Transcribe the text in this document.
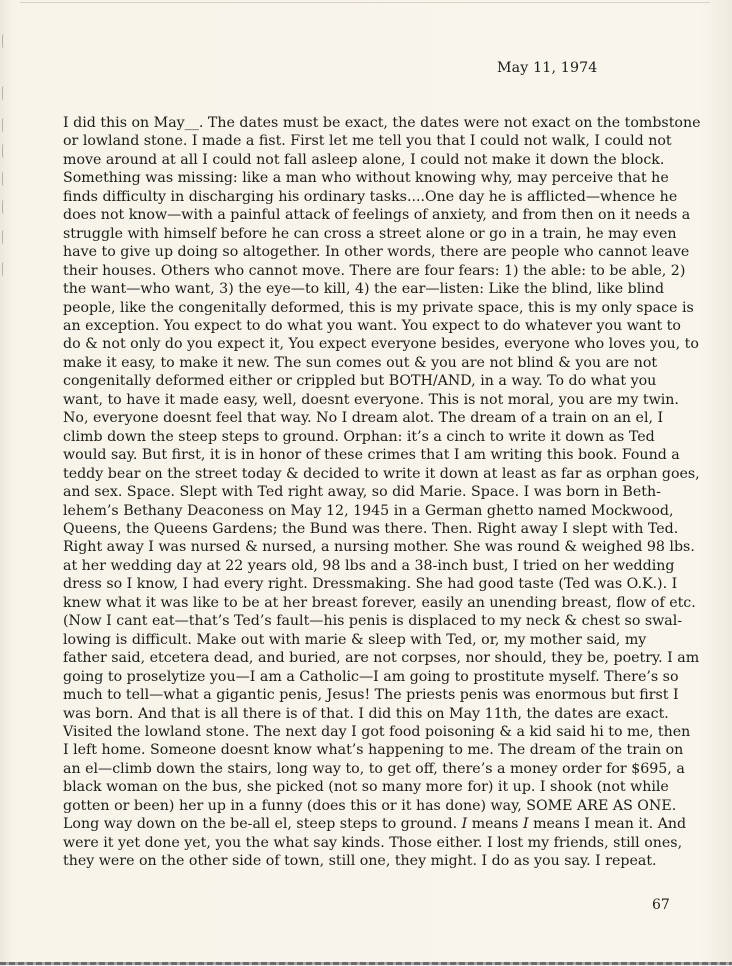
May 11, 1974
I did this on May__. The dates must be exact, the dates were not exact on the tombstone
or lowland stone. I made a fist. First let me tell you that I could not walk, I could not
move around at all I could not fall asleep alone, I could not make it down the block.
Something was missing: like a man who without knowing why, may perceive that he
finds difficulty in discharging his ordinary tasks....One day he is afflicted—whence he
does not know—with a painful attack of feelings of anxiety, and from then on it needs a
struggle with himself before he can cross a street alone or go in a train, he may even
have to give up doing so altogether. In other words, there are people who cannot leave
their houses. Others who cannot move. There are four fears: 1) the able: to be able, 2)
the want—who want, 3) the eye—to kill, 4) the ear—listen: Like the blind, like blind
people, like the congenitally deformed, this is my private space, this is my only space is
an exception. You expect to do what you want. You expect to do whatever you want to
do & not only do you expect it, You expect everyone besides, everyone who loves you, to
make it easy, to make it new. The sun comes out & you are not blind & you are not
congenitally deformed either or crippled but BOTH/AND, in a way. To do what you
want, to have it made easy, well, doesnt everyone. This is not moral, you are my twin.
No, everyone doesnt feel that way. No I dream alot. The dream of a train on an el, I
climb down the steep steps to ground. Orphan: it’s a cinch to write it down as Ted
would say. But first, it is in honor of these crimes that I am writing this book. Found a
teddy bear on the street today & decided to write it down at least as far as orphan goes,
and sex. Space. Slept with Ted right away, so did Marie. Space. I was born in Beth-
lehem’s Bethany Deaconess on May 12, 1945 in a German ghetto named Mockwood,
Queens, the Queens Gardens; the Bund was there. Then. Right away I slept with Ted.
Right away I was nursed & nursed, a nursing mother. She was round & weighed 98 lbs.
at her wedding day at 22 years old, 98 lbs and a 38-inch bust, I tried on her wedding
dress so I know, I had every right. Dressmaking. She had good taste (Ted was O.K.). I
knew what it was like to be at her breast forever, easily an unending breast, flow of etc.
(Now I cant eat—that’s Ted’s fault—his penis is displaced to my neck & chest so swal-
lowing is difficult. Make out with marie & sleep with Ted, or, my mother said, my
father said, etcetera dead, and buried, are not corpses, nor should, they be, poetry. I am
going to proselytize you—I am a Catholic—I am going to prostitute myself. There’s so
much to tell—what a gigantic penis, Jesus! The priests penis was enormous but first I
was born. And that is all there is of that. I did this on May 11th, the dates are exact.
Visited the lowland stone. The next day I got food poisoning & a kid said hi to me, then
I left home. Someone doesnt know what’s happening to me. The dream of the train on
an el—climb down the stairs, long way to, to get off, there’s a money order for $695, a
black woman on the bus, she picked (not so many more for) it up. I shook (not while
gotten or been) her up in a funny (does this or it has done) way, SOME ARE AS ONE.
Long way down on the be-all el, steep steps to ground. I means I means I mean it. And
were it yet done yet, you the what say kinds. Those either. I lost my friends, still ones,
they were on the other side of town, still one, they might. I do as you say. I repeat.
67
